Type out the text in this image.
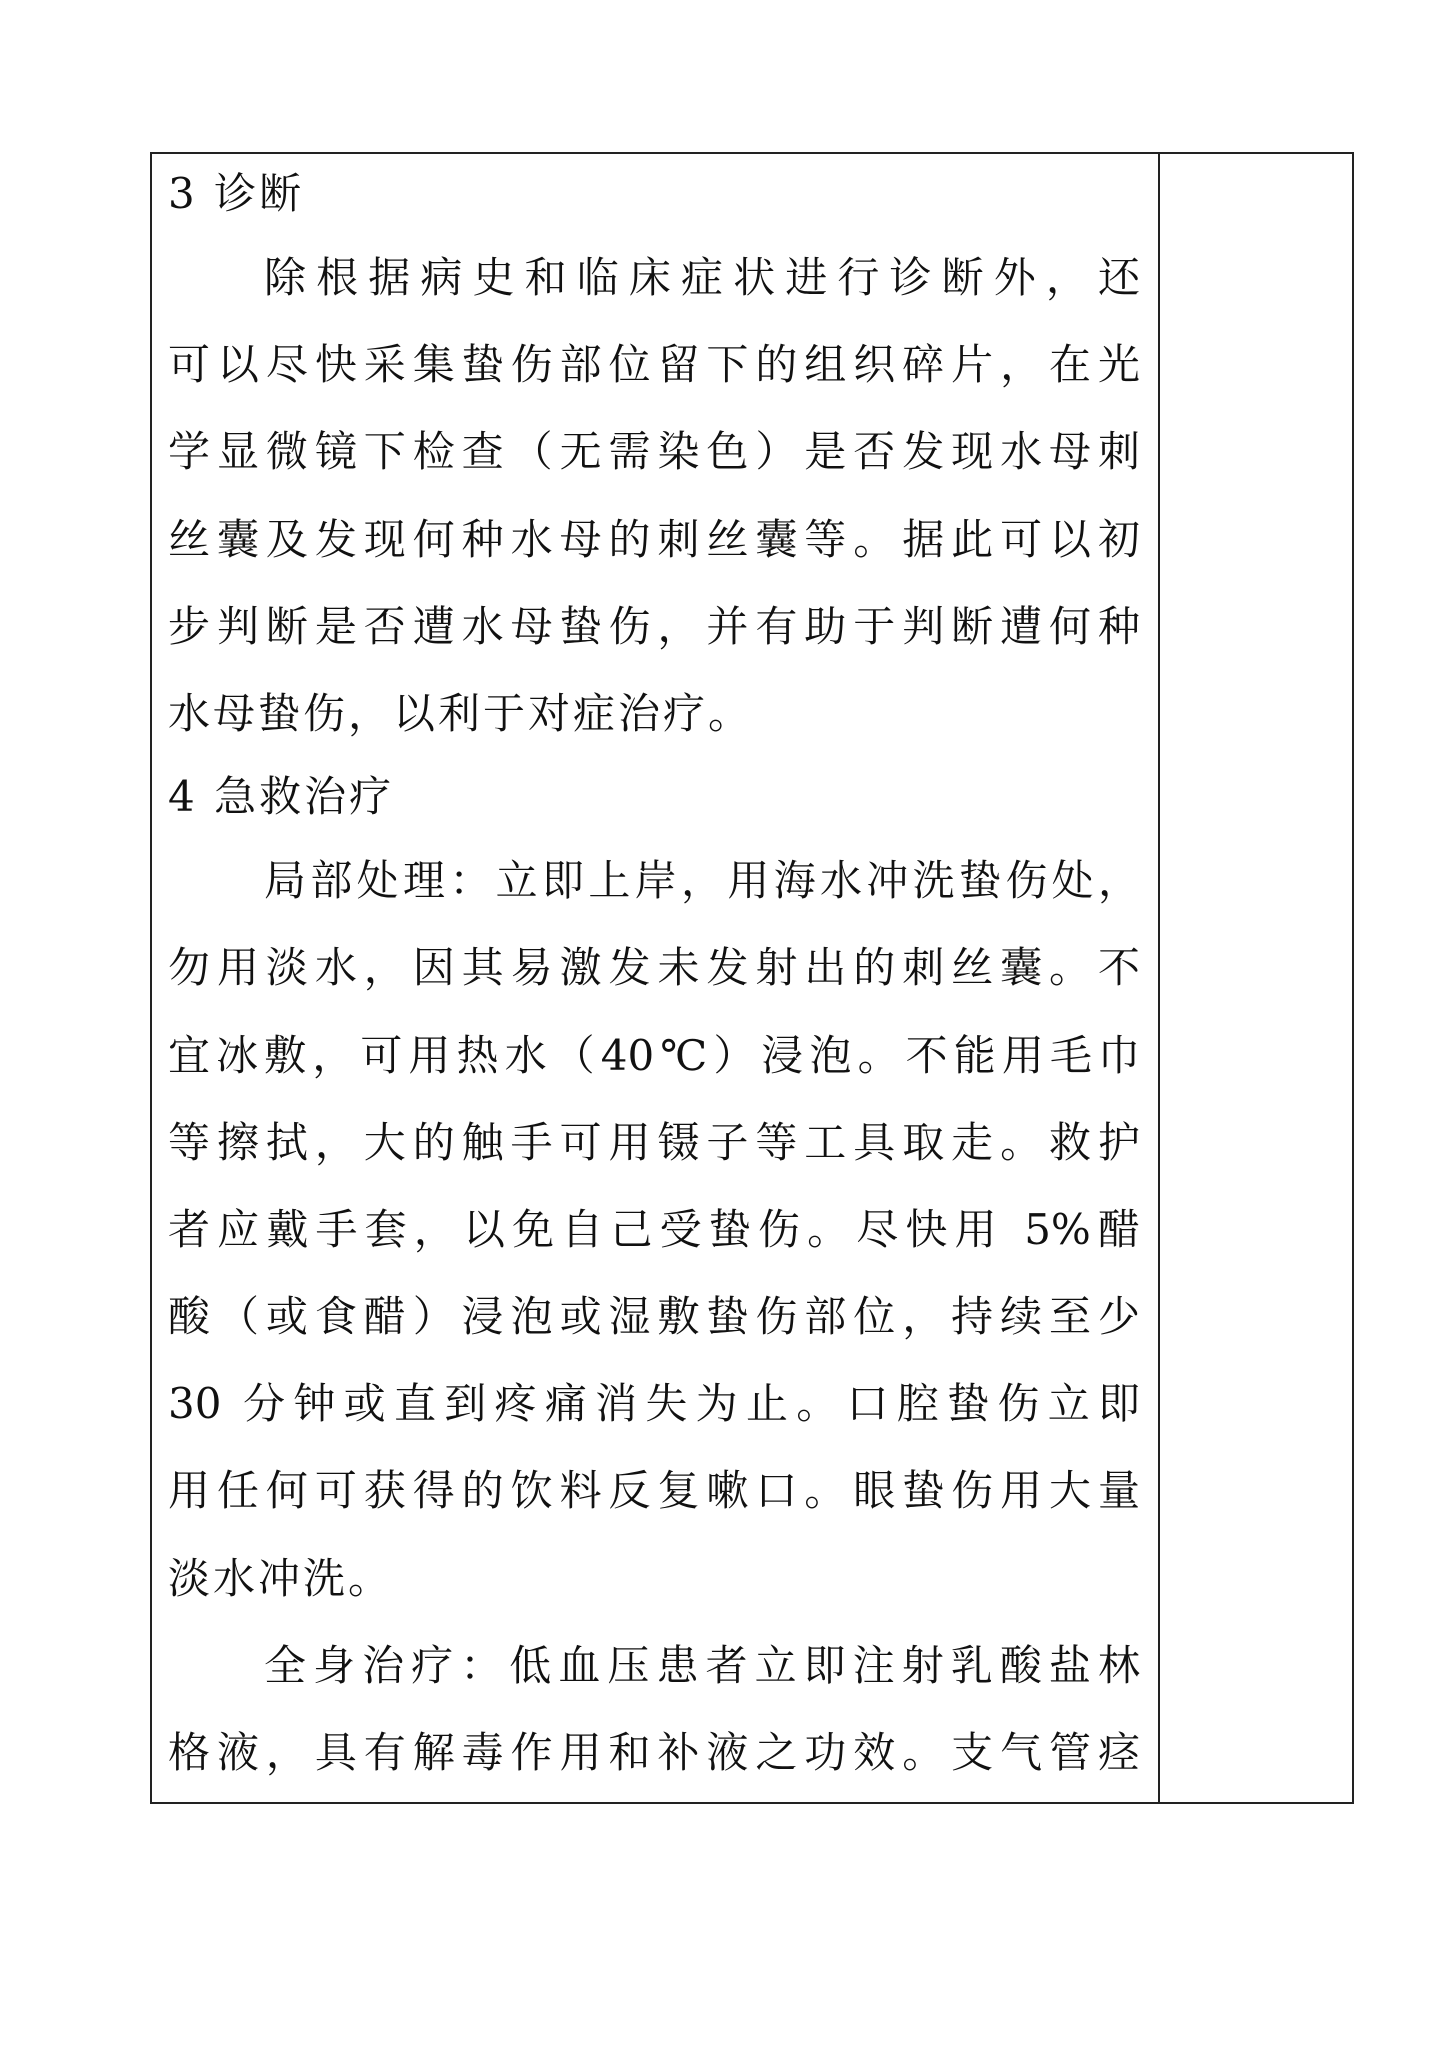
3 诊断
除根据病史和临床症状进行诊断外，还
可以尽快采集蛰伤部位留下的组织碎片，在光
学显微镜下检查（无需染色）是否发现水母刺
丝囊及发现何种水母的刺丝囊等。据此可以初
步判断是否遭水母蛰伤，并有助于判断遭何种
水母蛰伤，以利于对症治疗。
4 急救治疗
局部处理：立即上岸，用海水冲洗蛰伤处，
勿用淡水，因其易激发未发射出的刺丝囊。不
宜冰敷，可用热水（40℃）浸泡。不能用毛巾
等擦拭，大的触手可用镊子等工具取走。救护
者应戴手套，以免自己受蛰伤。尽快用 5%醋
酸（或食醋）浸泡或湿敷蛰伤部位，持续至少
30 分钟或直到疼痛消失为止。口腔蛰伤立即
用任何可获得的饮料反复嗽口。眼蛰伤用大量
淡水冲洗。
全身治疗：低血压患者立即注射乳酸盐林
格液，具有解毒作用和补液之功效。支气管痉
